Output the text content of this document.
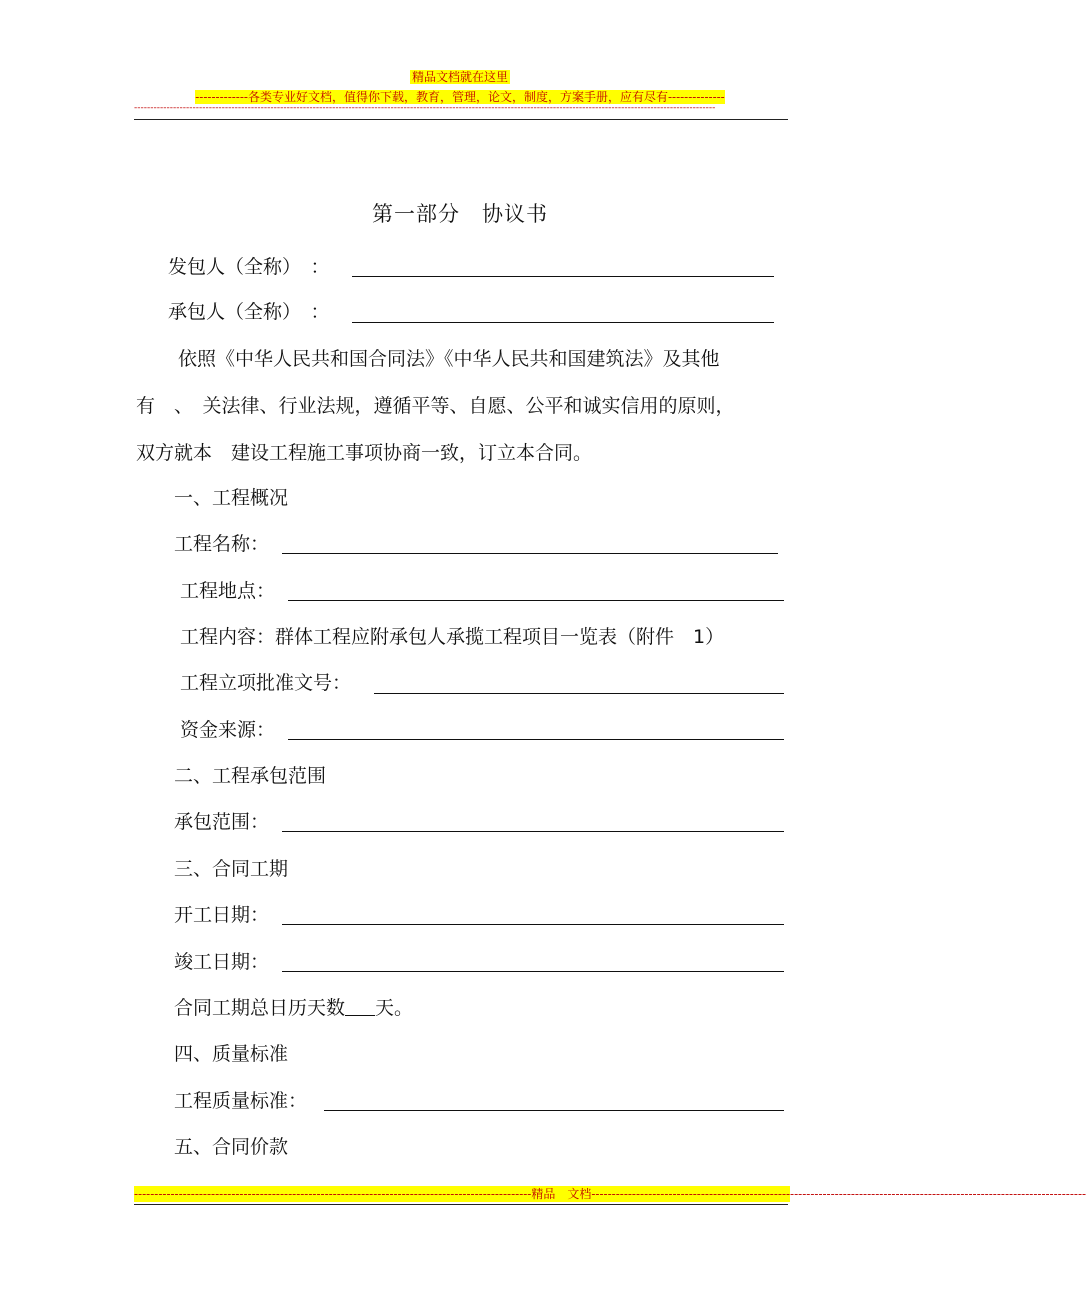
精品文档就在这里
-------------各类专业好文档，值得你下载，教育，管理，论文，制度，方案手册，应有尽有--------------
-----------------------------------------------------------------------------------------------------------------------------------------------------------------------------------
第一部分　协议书
发包人（全称）　：
承包人（全称）　：
依照《中华人民共和国合同法》《中华人民共和国建筑法》及其他
有　、　关法律、行业法规，遵循平等、自愿、公平和诚实信用的原则，
双方就本　建设工程施工事项协商一致，订立本合同。
一、工程概况
工程名称：
工程地点：
工程内容：群体工程应附承包人承揽工程项目一览表（附件　1）
工程立项批准文号：
资金来源：
二、工程承包范围
承包范围：
三、合同工期
开工日期：
竣工日期：
合同工期总日历天数 天。
四、质量标准
工程质量标准：
五、合同价款
-------------------------------------------------------------------------------------------------- 精品　文档 --------------------------------------------------------------------------------------------------------------------------
